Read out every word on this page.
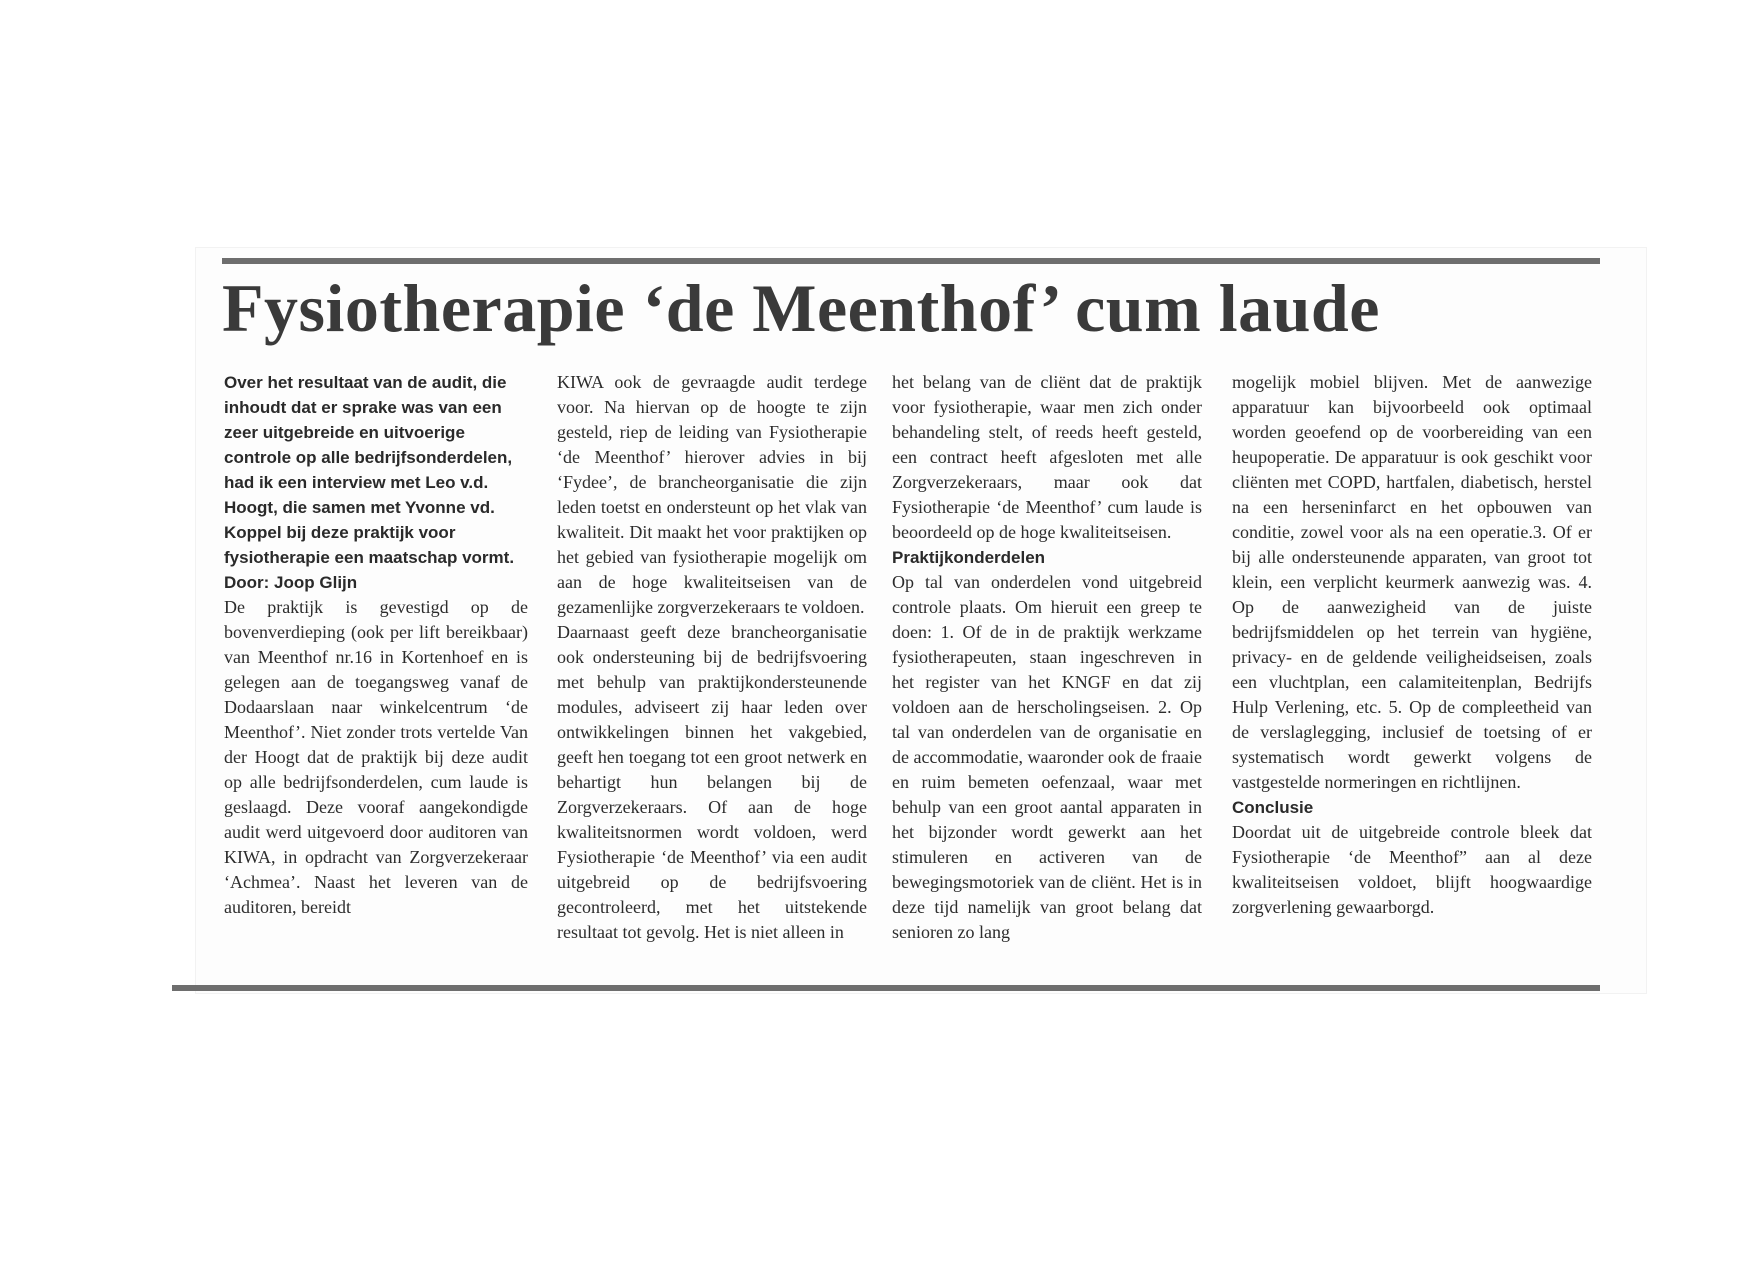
Fysiotherapie ‘de Meenthof’ cum laude

Over het resultaat van de audit, die inhoudt dat er sprake was van een zeer uitgebreide en uitvoerige controle op alle bedrijfsonderdelen, had ik een interview met Leo v.d. Hoogt, die samen met Yvonne vd. Koppel bij deze praktijk voor fysiotherapie een maatschap vormt.

Door: Joop Glijn

De praktijk is gevestigd op de bovenverdieping (ook per lift bereikbaar) van Meenthof nr.16 in Kortenhoef en is gelegen aan de toegangsweg vanaf de Dodaarslaan naar winkelcentrum ‘de Meenthof’. Niet zonder trots vertelde Van der Hoogt dat de praktijk bij deze audit op alle bedrijfsonderdelen, cum laude is geslaagd. Deze vooraf aangekondigde audit werd uitgevoerd door auditoren van KIWA, in opdracht van Zorgverzekeraar ‘Achmea’. Naast het leveren van de auditoren, bereidt

KIWA ook de gevraagde audit terdege voor. Na hiervan op de hoogte te zijn gesteld, riep de leiding van Fysiotherapie ‘de Meenthof’ hierover advies in bij ‘Fydee’, de brancheorganisatie die zijn leden toetst en ondersteunt op het vlak van kwaliteit. Dit maakt het voor praktijken op het gebied van fysiotherapie mogelijk om aan de hoge kwaliteitseisen van de gezamenlijke zorgverzekeraars te voldoen.

Daarnaast geeft deze brancheorganisatie ook ondersteuning bij de bedrijfsvoering met behulp van praktijkondersteunende modules, adviseert zij haar leden over ontwikkelingen binnen het vakgebied, geeft hen toegang tot een groot netwerk en behartigt hun belangen bij de Zorgverzekeraars. Of aan de hoge kwaliteitsnormen wordt voldoen, werd Fysiotherapie ‘de Meenthof’ via een audit uitgebreid op de bedrijfsvoering gecontroleerd, met het uitstekende resultaat tot gevolg. Het is niet alleen in

het belang van de cliënt dat de praktijk voor fysiotherapie, waar men zich onder behandeling stelt, of reeds heeft gesteld, een contract heeft afgesloten met alle Zorgverzekeraars, maar ook dat Fysiotherapie ‘de Meenthof’ cum laude is beoordeeld op de hoge kwaliteitseisen.

Praktijkonderdelen

Op tal van onderdelen vond uitgebreid controle plaats. Om hieruit een greep te doen: 1. Of de in de praktijk werkzame fysiotherapeuten, staan ingeschreven in het register van het KNGF en dat zij voldoen aan de herscholingseisen. 2. Op tal van onderdelen van de organisatie en de accommodatie, waaronder ook de fraaie en ruim bemeten oefenzaal, waar met behulp van een groot aantal apparaten in het bijzonder wordt gewerkt aan het stimuleren en activeren van de bewegingsmotoriek van de cliënt. Het is in deze tijd namelijk van groot belang dat senioren zo lang

mogelijk mobiel blijven. Met de aanwezige apparatuur kan bijvoorbeeld ook optimaal worden geoefend op de voorbereiding van een heupoperatie. De apparatuur is ook geschikt voor cliënten met COPD, hartfalen, diabetisch, herstel na een herseninfarct en het opbouwen van conditie, zowel voor als na een operatie.3. Of er bij alle ondersteunende apparaten, van groot tot klein, een verplicht keurmerk aanwezig was. 4. Op de aanwezigheid van de juiste bedrijfsmiddelen op het terrein van hygiëne, privacy- en de geldende veiligheidseisen, zoals een vluchtplan, een calamiteitenplan, Bedrijfs Hulp Verlening, etc. 5. Op de compleetheid van de verslaglegging, inclusief de toetsing of er systematisch wordt gewerkt volgens de vastgestelde normeringen en richtlijnen.

Conclusie

Doordat uit de uitgebreide controle bleek dat Fysiotherapie ‘de Meenthof” aan al deze kwaliteitseisen voldoet, blijft hoogwaardige zorgverlening gewaarborgd.
